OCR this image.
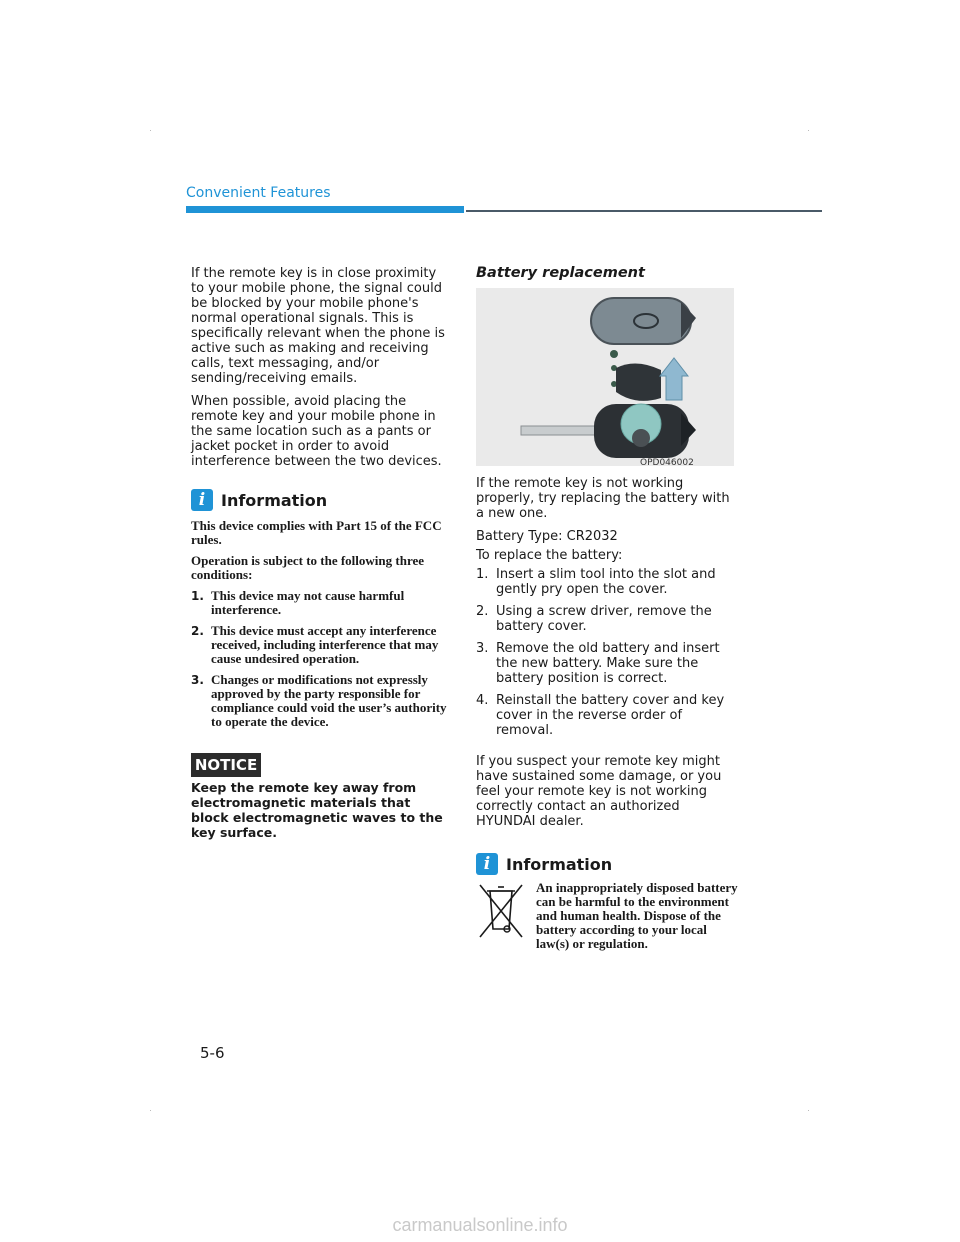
Convenient Features

If the remote key is in close proximity to your mobile phone, the signal could be blocked by your mobile phone's normal operational signals. This is specifically relevant when the phone is active such as making and receiving calls, text messaging, and/or sending/receiving emails.

When possible, avoid placing the remote key and your mobile phone in the same location such as a pants or jacket pocket in order to avoid interference between the two devices.

i Information

This device complies with Part 15 of the FCC rules.

Operation is subject to the following three conditions:

1. This device may not cause harmful interference.
2. This device must accept any interference received, including interference that may cause undesired operation.
3. Changes or modifications not expressly approved by the party responsible for compliance could void the user’s authority to operate the device.
NOTICE
Keep the remote key away from electromagnetic materials that block electromagnetic waves to the key surface.
Battery replacement
OPD046002

If the remote key is not working properly, try replacing the battery with a new one.

Battery Type: CR2032

To replace the battery:

1. Insert a slim tool into the slot and gently pry open the cover.
2. Using a screw driver, remove the battery cover.
3. Remove the old battery and insert the new battery. Make sure the battery position is correct.
4. Reinstall the battery cover and key cover in the reverse order of removal.

If you suspect your remote key might have sustained some damage, or you feel your remote key is not working correctly contact an authorized HYUNDAI dealer.

i Information
An inappropriately disposed battery can be harmful to the environment and human health. Dispose of the battery according to your local law(s) or regulation.
5-6
carmanualsonline.info
